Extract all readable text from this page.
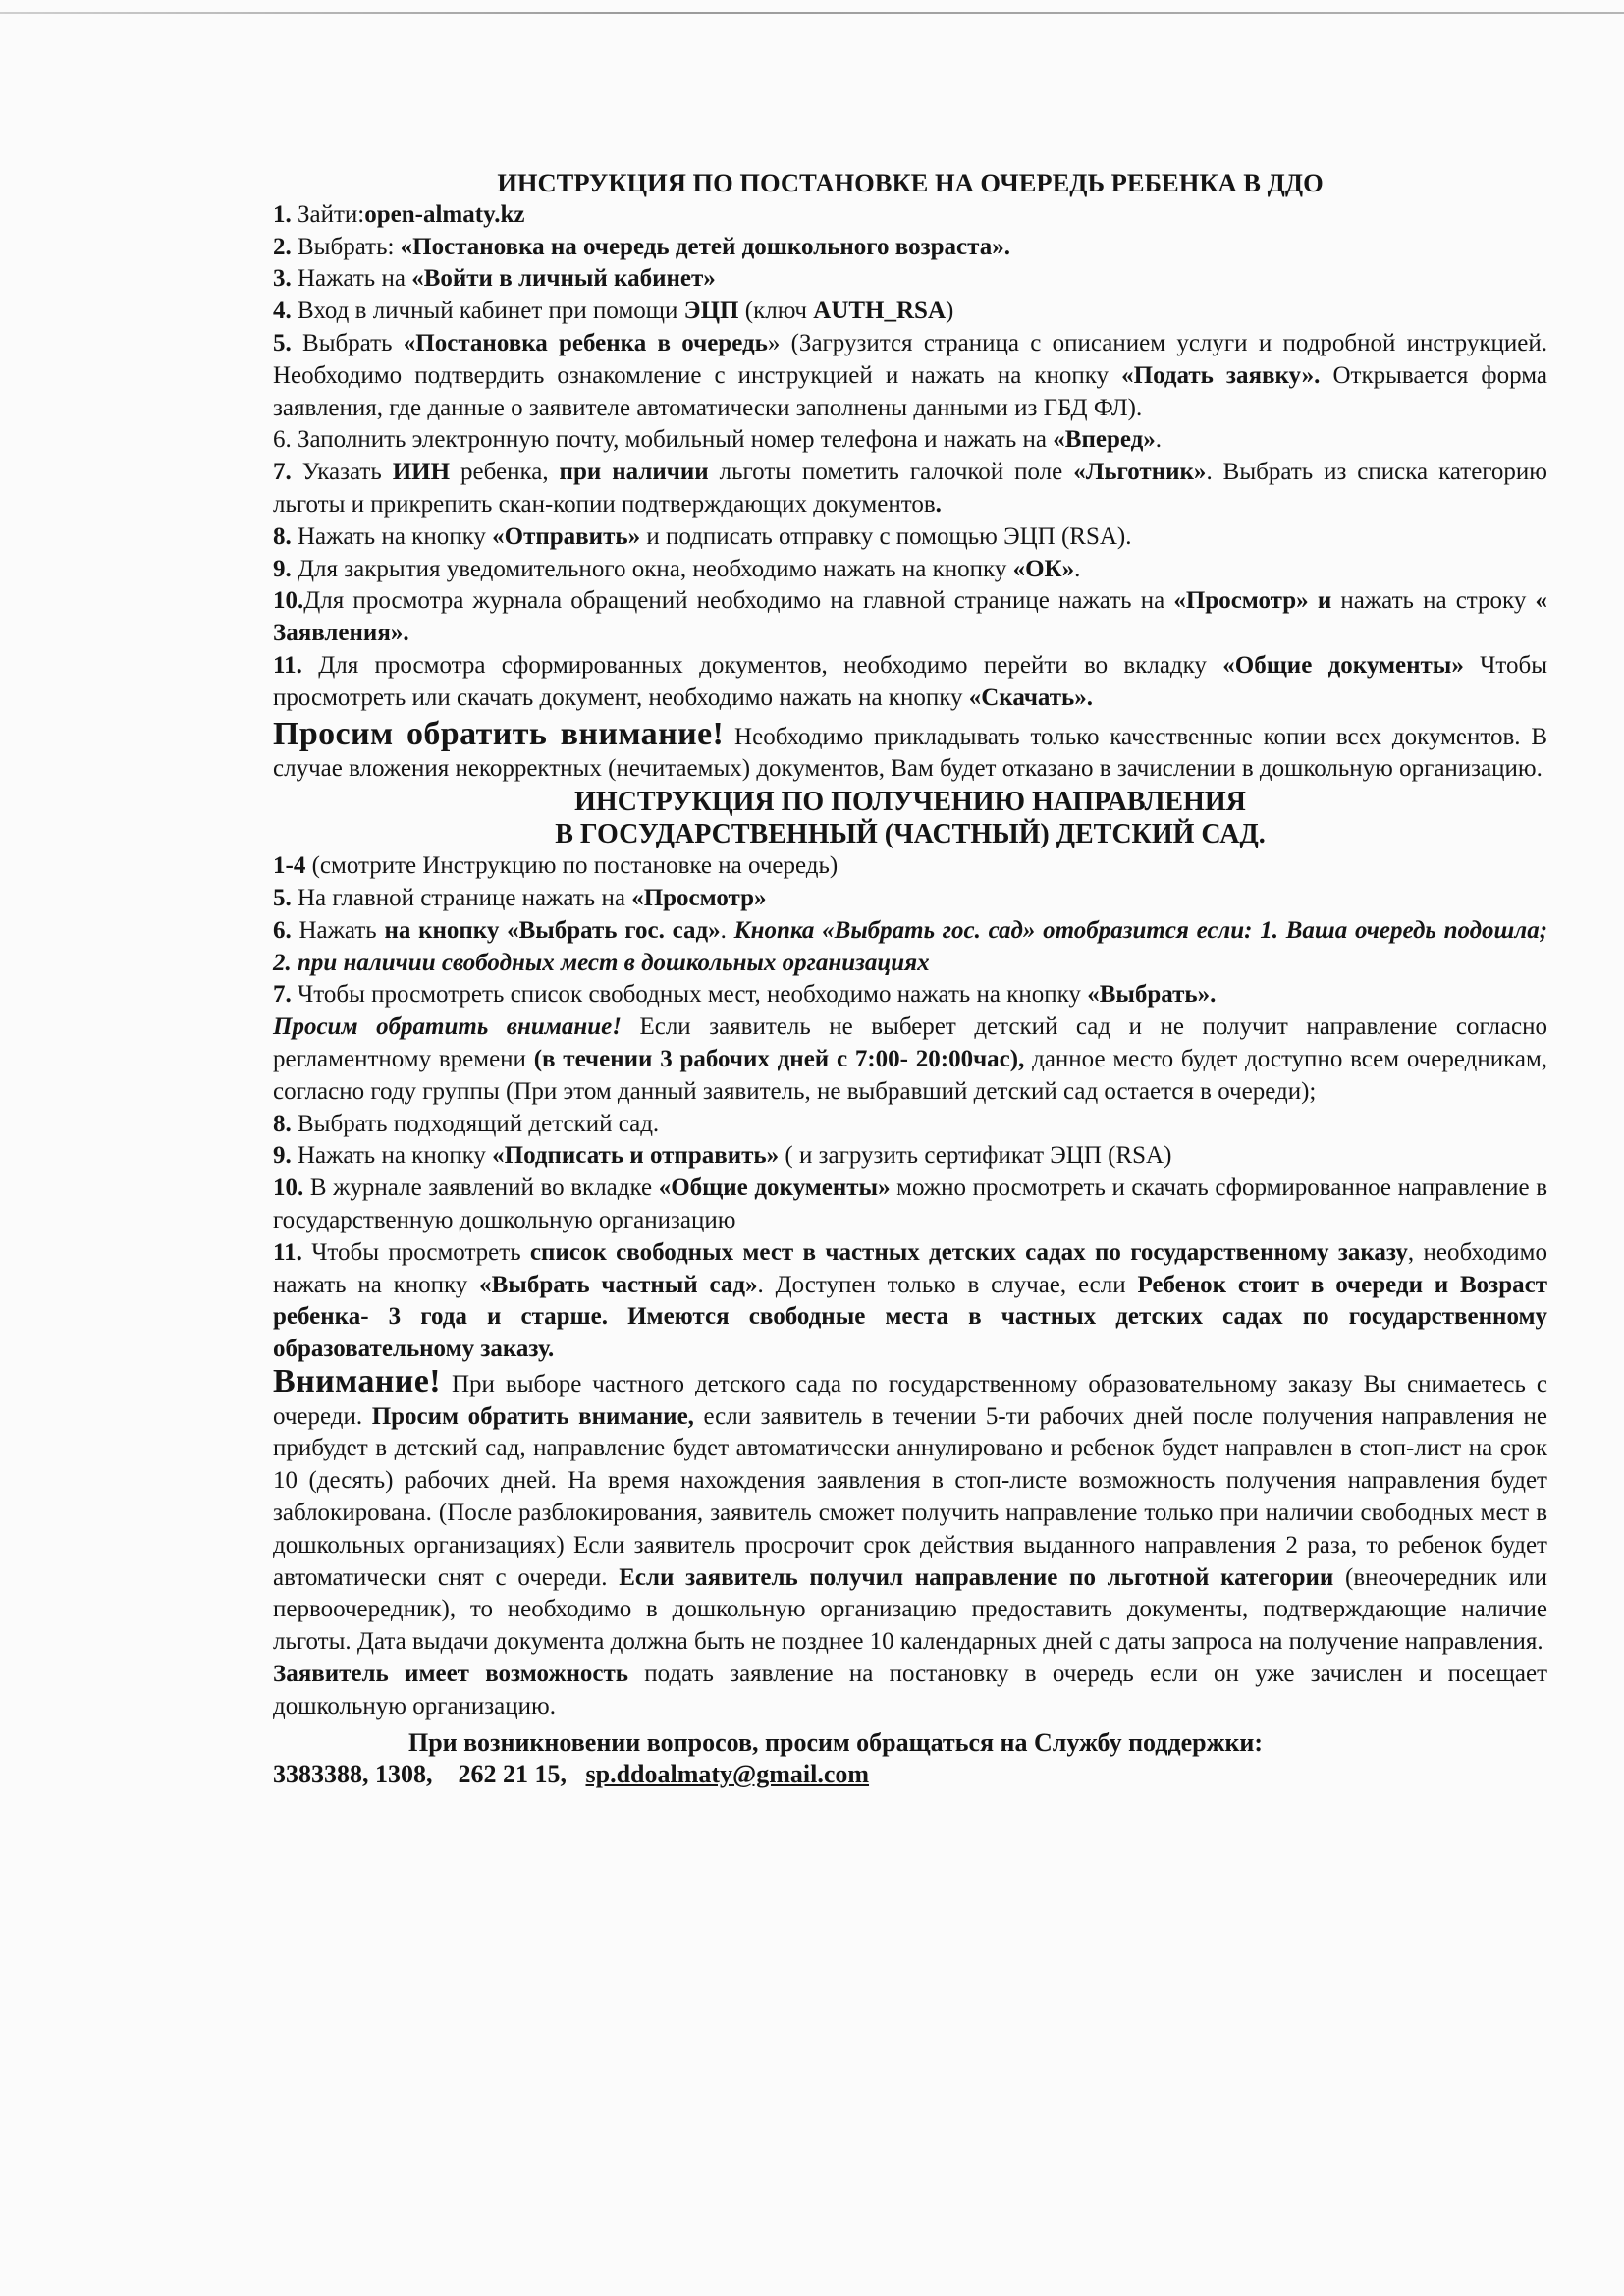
ИНСТРУКЦИЯ ПО ПОСТАНОВКЕ НА ОЧЕРЕДЬ РЕБЕНКА В ДДО

1. Зайти:open-almaty.kz

2. Выбрать: «Постановка на очередь детей дошкольного возраста».

3. Нажать на «Войти в личный кабинет»

4. Вход в личный кабинет при помощи ЭЦП (ключ AUTH_RSA)

5. Выбрать «Постановка ребенка в очередь» (Загрузится страница с описанием услуги и подробной инструкцией. Необходимо подтвердить ознакомление с инструкцией и нажать на кнопку «Подать заявку». Открывается форма заявления, где данные о заявителе автоматически заполнены данными из ГБД ФЛ).

6. Заполнить электронную почту, мобильный номер телефона и нажать на «Вперед».

7. Указать ИИН ребенка, при наличии льготы пометить галочкой поле «Льготник». Выбрать из списка категорию льготы и прикрепить скан-копии подтверждающих документов.

8. Нажать на кнопку «Отправить» и подписать отправку с помощью ЭЦП (RSA).

9. Для закрытия уведомительного окна, необходимо нажать на кнопку «ОК».

10.Для просмотра журнала обращений необходимо на главной странице нажать на «Просмотр» и нажать на строку « Заявления».

11. Для просмотра сформированных документов, необходимо перейти во вкладку «Общие документы» Чтобы просмотреть или скачать документ, необходимо нажать на кнопку «Скачать».

Просим обратить внимание! Необходимо прикладывать только качественные копии всех документов. В случае вложения некорректных (нечитаемых) документов, Вам будет отказано в зачислении в дошкольную организацию.

ИНСТРУКЦИЯ ПО ПОЛУЧЕНИЮ НАПРАВЛЕНИЯ

В ГОСУДАРСТВЕННЫЙ (ЧАСТНЫЙ) ДЕТСКИЙ САД.

1-4 (смотрите Инструкцию по постановке на очередь)

5. На главной странице нажать на «Просмотр»

6. Нажать на кнопку «Выбрать гос. сад». Кнопка «Выбрать гос. сад» отобразится если: 1. Ваша очередь подошла; 2. при наличии свободных мест в дошкольных организациях

7. Чтобы просмотреть список свободных мест, необходимо нажать на кнопку «Выбрать».

Просим обратить внимание! Если заявитель не выберет детский сад и не получит направление согласно регламентному времени (в течении 3 рабочих дней с 7:00- 20:00час), данное место будет доступно всем очередникам, согласно году группы (При этом данный заявитель, не выбравший детский сад остается в очереди);

8. Выбрать подходящий детский сад.

9. Нажать на кнопку «Подписать и отправить» ( и загрузить сертификат ЭЦП (RSA)

10. В журнале заявлений во вкладке «Общие документы» можно просмотреть и скачать сформированное направление в государственную дошкольную организацию

11. Чтобы просмотреть список свободных мест в частных детских садах по государственному заказу, необходимо нажать на кнопку «Выбрать частный сад». Доступен только в случае, если Ребенок стоит в очереди и Возраст ребенка- 3 года и старше. Имеются свободные места в частных детских садах по государственному образовательному заказу.

Внимание! При выборе частного детского сада по государственному образовательному заказу Вы снимаетесь с очереди. Просим обратить внимание, если заявитель в течении 5-ти рабочих дней после получения направления не прибудет в детский сад, направление будет автоматически аннулировано и ребенок будет направлен в стоп-лист на срок 10 (десять) рабочих дней. На время нахождения заявления в стоп-листе возможность получения направления будет заблокирована. (После разблокирования, заявитель сможет получить направление только при наличии свободных мест в дошкольных организациях) Если заявитель просрочит срок действия выданного направления 2 раза, то ребенок будет автоматически снят с очереди. Если заявитель получил направление по льготной категории (внеочередник или первоочередник), то необходимо в дошкольную организацию предоставить документы, подтверждающие наличие льготы. Дата выдачи документа должна быть не позднее 10 календарных дней с даты запроса на получение направления.

Заявитель имеет возможность подать заявление на постановку в очередь если он уже зачислен и посещает дошкольную организацию.

При возникновении вопросов, просим обращаться на Службу поддержки:

3383388, 1308,    262 21 15,   sp.ddoalmaty@gmail.com
